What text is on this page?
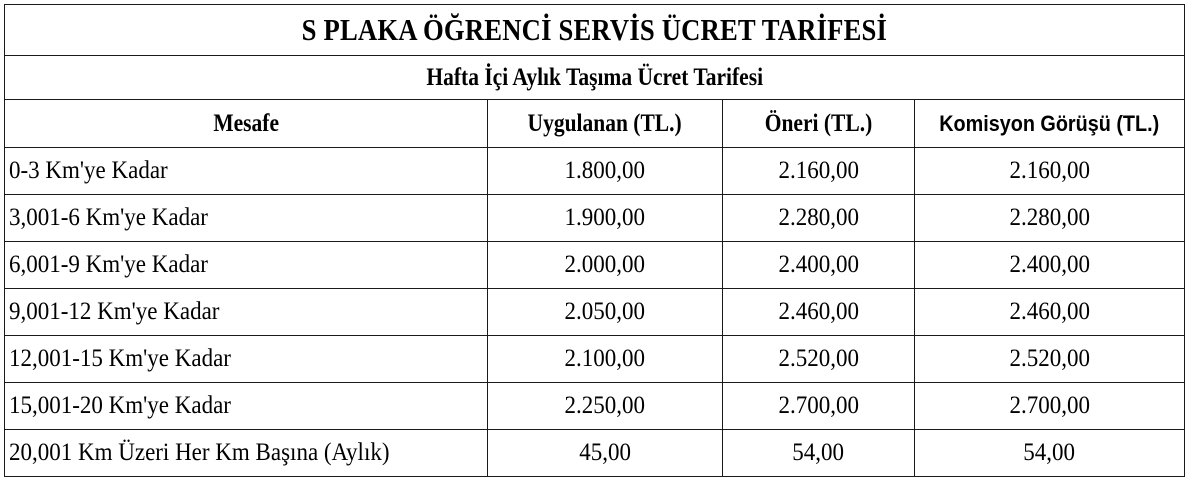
S PLAKA ÖĞRENCİ SERVİS ÜCRET TARİFESİ			
Hafta İçi Aylık Taşıma Ücret Tarifesi			
Mesafe	Uygulanan (TL.)	Öneri (TL.)	Komisyon Görüşü (TL.)
0-3 Km'ye Kadar	1.800,00	2.160,00	2.160,00
3,001-6 Km'ye Kadar	1.900,00	2.280,00	2.280,00
6,001-9 Km'ye Kadar	2.000,00	2.400,00	2.400,00
9,001-12 Km'ye Kadar	2.050,00	2.460,00	2.460,00
12,001-15 Km'ye Kadar	2.100,00	2.520,00	2.520,00
15,001-20 Km'ye Kadar	2.250,00	2.700,00	2.700,00
20,001 Km Üzeri Her Km Başına (Aylık)	45,00	54,00	54,00
